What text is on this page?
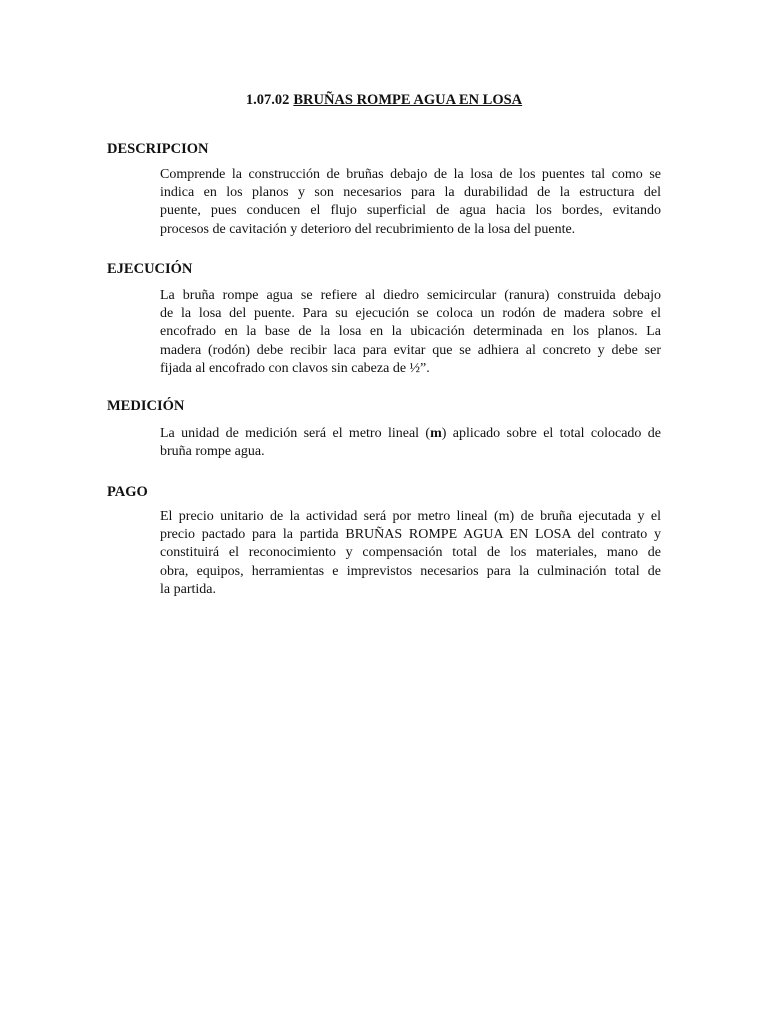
1.07.02 BRUÑAS ROMPE AGUA EN LOSA
DESCRIPCION
Comprende la construcción de bruñas debajo de la losa de los puentes tal como se
indica en los planos y son necesarios para la durabilidad de la estructura del
puente, pues conducen el flujo superficial de agua hacia los bordes, evitando
procesos de cavitación y deterioro del recubrimiento de la losa del puente.
EJECUCIÓN
La bruña rompe agua se refiere al diedro semicircular (ranura) construida debajo
de la losa del puente. Para su ejecución se coloca un rodón de madera sobre el
encofrado en la base de la losa en la ubicación determinada en los planos. La
madera (rodón) debe recibir laca para evitar que se adhiera al concreto y debe ser
fijada al encofrado con clavos sin cabeza de ½”.
MEDICIÓN
La unidad de medición será el metro lineal (m) aplicado sobre el total colocado de
bruña rompe agua.
PAGO
El precio unitario de la actividad será por metro lineal (m) de bruña ejecutada y el
precio pactado para la partida BRUÑAS ROMPE AGUA EN LOSA del contrato y
constituirá el reconocimiento y compensación total de los materiales, mano de
obra, equipos, herramientas e imprevistos necesarios para la culminación total de
la partida.
